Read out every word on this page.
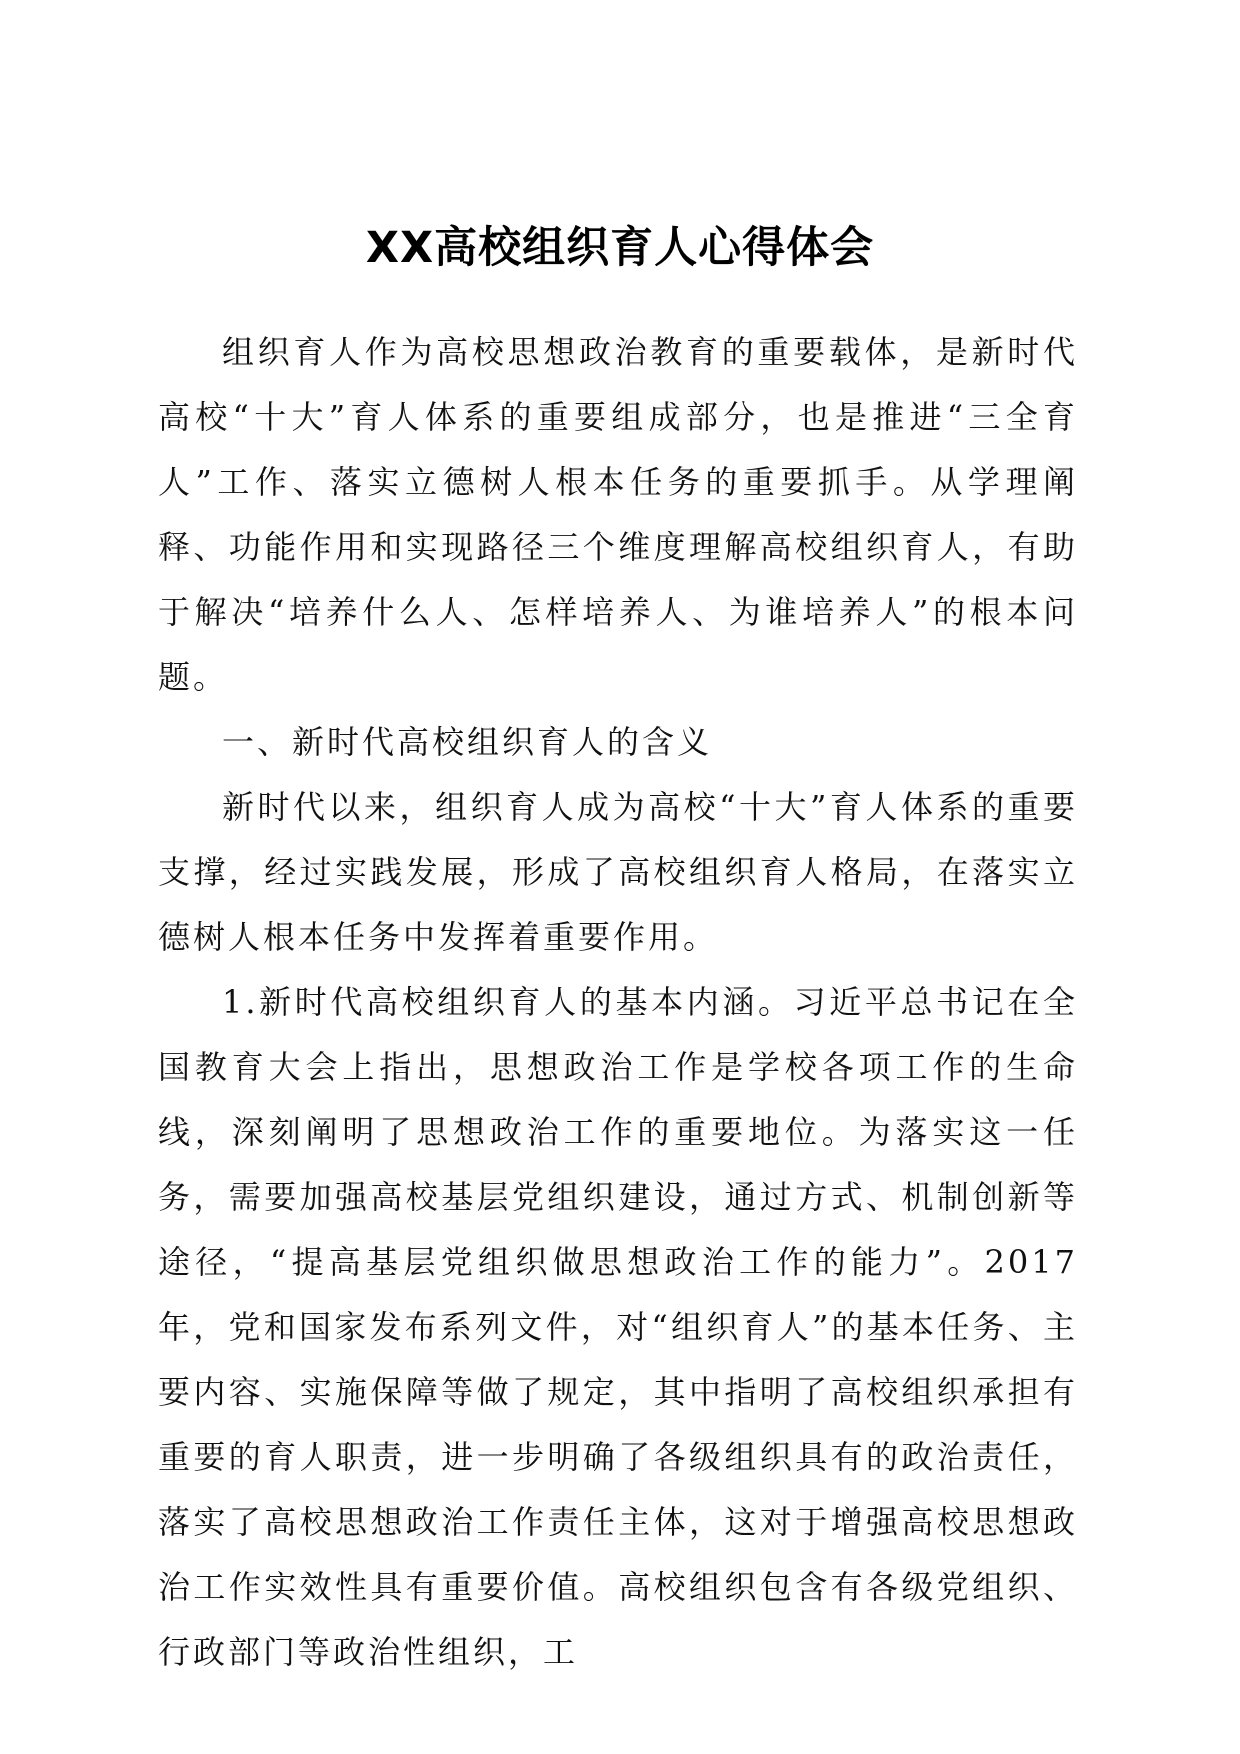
XX高校组织育人心得体会

组织育人作为高校思想政治教育的重要载体，是新时代高校“十大”育人体系的重要组成部分，也是推进“三全育人”工作、落实立德树人根本任务的重要抓手。从学理阐释、功能作用和实现路径三个维度理解高校组织育人，有助于解决“培养什么人、怎样培养人、为谁培养人”的根本问题。

一、新时代高校组织育人的含义

新时代以来，组织育人成为高校“十大”育人体系的重要支撑，经过实践发展，形成了高校组织育人格局，在落实立德树人根本任务中发挥着重要作用。

1.新时代高校组织育人的基本内涵。习近平总书记在全国教育大会上指出，思想政治工作是学校各项工作的生命线，深刻阐明了思想政治工作的重要地位。为落实这一任务，需要加强高校基层党组织建设，通过方式、机制创新等途径，“提高基层党组织做思想政治工作的能力”。2017年，党和国家发布系列文件，对“组织育人”的基本任务、主要内容、实施保障等做了规定，其中指明了高校组织承担有重要的育人职责，进一步明确了各级组织具有的政治责任，落实了高校思想政治工作责任主体，这对于增强高校思想政治工作实效性具有重要价值。高校组织包含有各级党组织、行政部门等政治性组织，工
